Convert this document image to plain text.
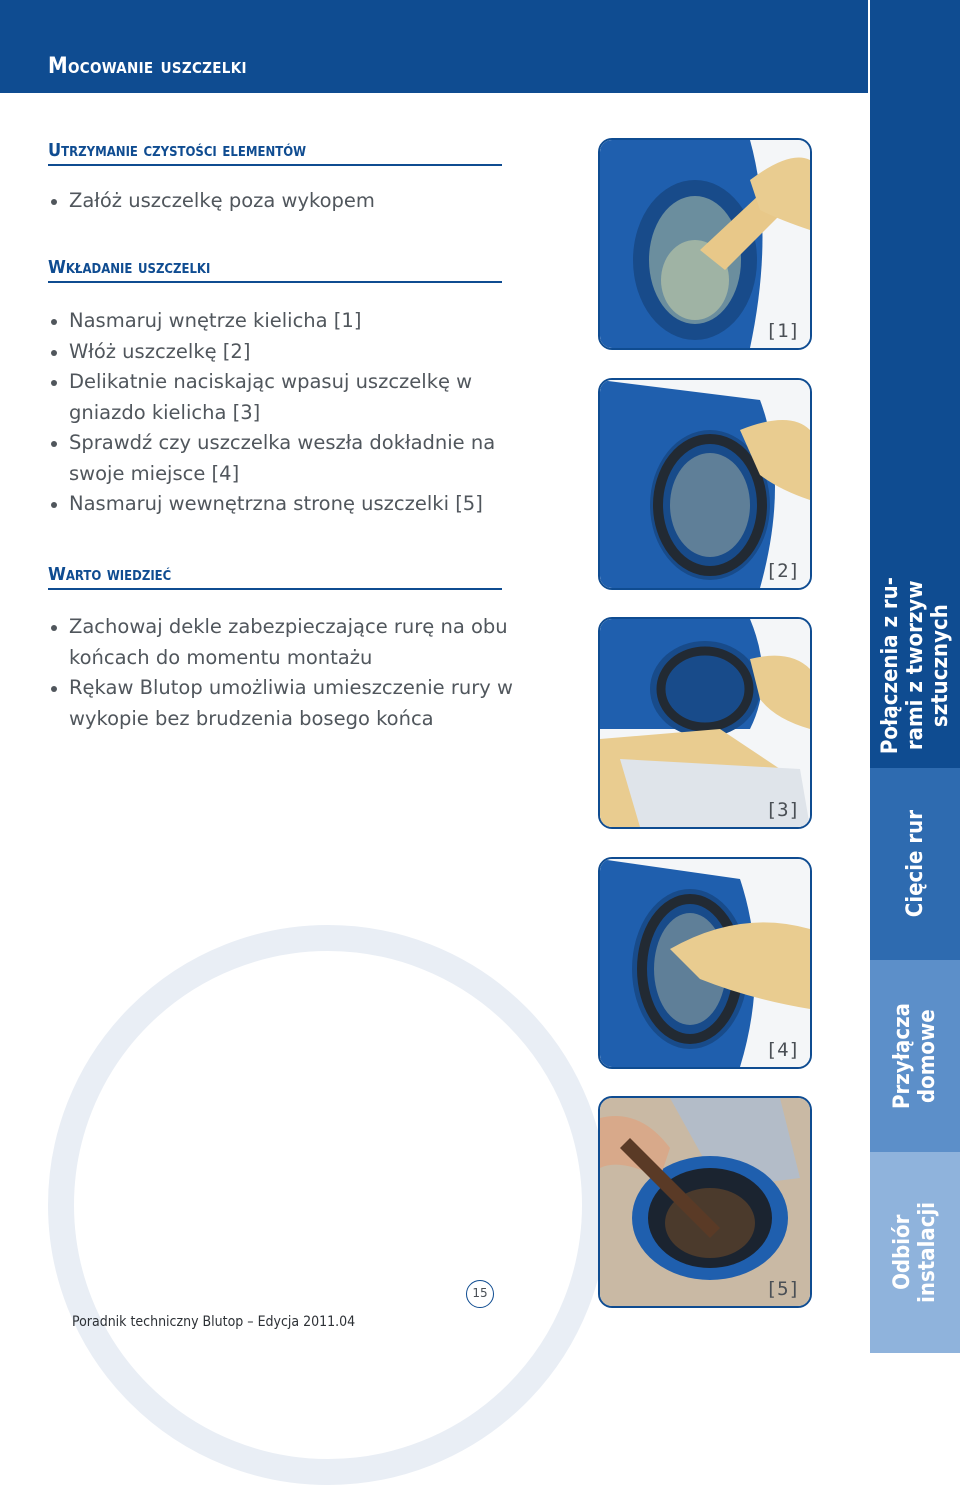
Mocowanie uszczelki
Utrzymanie czystości elementów
Załóż uszczelkę poza wykopem
Wkładanie uszczelki
Nasmaruj wnętrze kielicha [1]
Włóż uszczelkę [2]
Delikatnie naciskając wpasuj uszczelkę w gniazdo kielicha [3]
Sprawdź czy uszczelka weszła dokładnie na swoje miejsce [4]
Nasmaruj wewnętrzna stronę uszczelki [5]
Warto wiedzieć
Zachowaj dekle zabezpieczające rurę na obu końcach do momentu montażu
Rękaw Blutop umożliwia umieszczenie rury w wykopie bez brudzenia bosego końca
[1]
[2]
[3]
[4]
[5]
Połączenia z ru-
rami z tworzyw
sztucznych
Cięcie rur
Przyłącza
domowe
Odbiór
instalacji
15
Poradnik techniczny Blutop – Edycja 2011.04
